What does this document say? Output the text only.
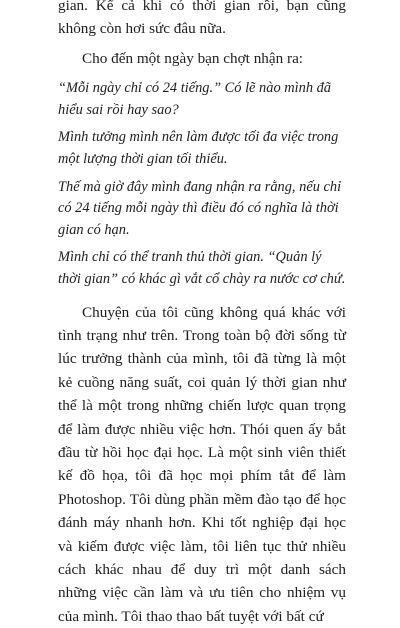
gian. Kể cả khi có thời gian rồi, bạn cũng không còn hơi sức đâu nữa.

Cho đến một ngày bạn chợt nhận ra:

“Mỗi ngày chỉ có 24 tiếng.” Có lẽ nào mình đã hiểu sai rồi hay sao?

Mình tưởng mình nên làm được tối đa việc trong một lượng thời gian tối thiểu.

Thế mà giờ đây mình đang nhận ra rằng, nếu chỉ có 24 tiếng mỗi ngày thì điều đó có nghĩa là thời gian có hạn.

Mình chỉ có thể tranh thủ thời gian. “Quản lý thời gian” có khác gì vắt cổ chày ra nước cơ chứ.

Chuyện của tôi cũng không quá khác với tình trạng như trên. Trong toàn bộ đời sống từ lúc trưởng thành của mình, tôi đã từng là một kẻ cuồng năng suất, coi quản lý thời gian như thể là một trong những chiến lược quan trọng để làm được nhiều việc hơn. Thói quen ấy bắt đầu từ hồi học đại học. Là một sinh viên thiết kế đồ họa, tôi đã học mọi phím tắt để làm Photoshop. Tôi dùng phần mềm đào tạo để học đánh máy nhanh hơn. Khi tốt nghiệp đại học và kiếm được việc làm, tôi liên tục thử nhiều cách khác nhau để duy trì một danh sách những việc cần làm và ưu tiên cho nhiệm vụ của mình. Tôi thao thao bất tuyệt với bất cứ
